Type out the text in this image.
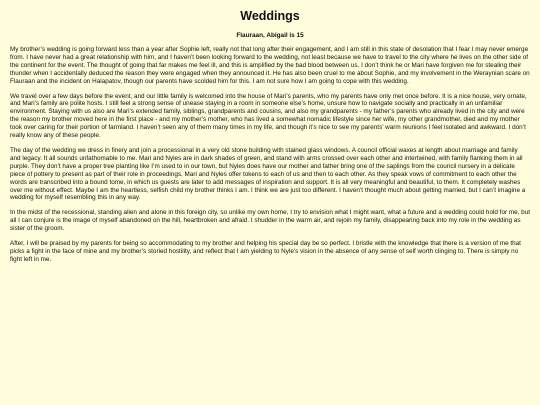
Weddings
Flauraan, Abigail is 15

My brother’s wedding is going forward less than a year after Sophie left, really not that long after their engagement, and I am still in this state of desolation that I fear I may never emerge from. I have never had a great relationship with him, and I haven’t been looking forward to the wedding, not least because we have to travel to the city where he lives on the other side of the continent for the event. The thought of going that far makes me feel ill, and this is amplified by the bad blood between us. I don’t think he or Mari have forgiven me for stealing their thunder when I accidentally deduced the reason they were engaged when they announced it. He has also been cruel to me about Sophie, and my involvement in the Weraynian scare on Flauraan and the incident on Halapatov, though our parents have scolded him for this. I am not sure how I am going to cope with this wedding.

We travel over a few days before the event, and our little family is welcomed into the house of Mari’s parents, who my parents have only met once before. It is a nice house, very ornate, and Mari’s family are polite hosts. I still feel a strong sense of unease staying in a room in someone else’s home, unsure how to navigate socially and practically in an unfamiliar environment. Staying with us also are Mari’s extended family, siblings, grandparents and cousins, and also my grandparents - my father’s parents who already lived in the city and were the reason my brother moved here in the first place - and my mother’s mother, who has lived a somewhat nomadic lifestyle since her wife, my other grandmother, died and my mother took over caring for their portion of farmland. I haven’t seen any of them many times in my life, and though it’s nice to see my parents’ warm reunions I feel isolated and awkward. I don’t really know any of these people.

The day of the wedding we dress in finery and join a processional in a very old stone building with stained glass windows. A council official waxes at length about marriage and family and legacy. It all sounds unfathomable to me. Mari and Nyles are in dark shades of green, and stand with arms crossed over each other and intertwined, with family flanking them in all purple. They don’t have a proper tree planting like I’m used to in our town, but Nyles does have our mother and father bring one of the saplings from the council nursery in a delicate piece of pottery to present as part of their role in proceedings. Mari and Nyles offer tokens to each of us and then to each other. As they speak vows of commitment to each other the words are transcribed into a bound tome, in which us guests are later to add messages of inspiration and support. It is all very meaningful and beautiful, to them. It completely washes over me without effect. Maybe I am the heartless, selfish child my brother thinks I am. I think we are just too different. I haven’t thought much about getting married, but I can’t imagine a wedding for myself resembling this in any way.

In the midst of the recessional, standing alien and alone in this foreign city, so unlike my own home, I try to envision what I might want, what a future and a wedding could hold for me, but all I can conjure is the image of myself abandoned on the hill, heartbroken and afraid. I shudder in the warm air, and rejoin my family, disappearing back into my role in the wedding as sister of the groom.

After, I will be praised by my parents for being so accommodating to my brother and helping his special day be so perfect. I bristle with the knowledge that there is a version of me that picks a fight in the face of mine and my brother’s storied hostility, and reflect that I am yielding to Nyle’s vision in the absence of any sense of self worth clinging to. There is simply no fight left in me.
